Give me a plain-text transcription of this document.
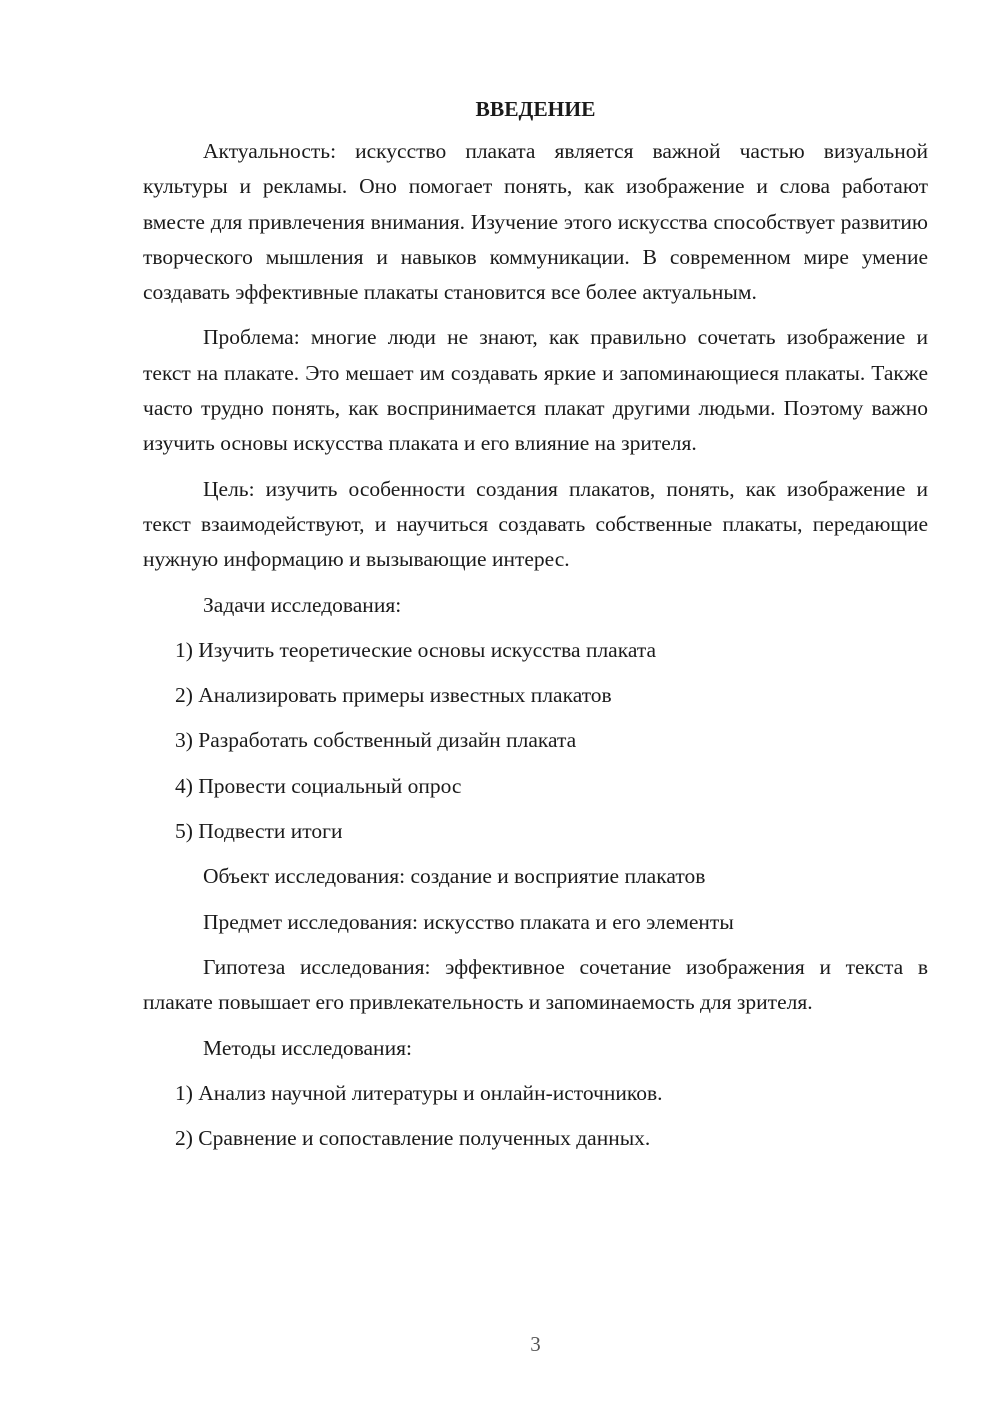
ВВЕДЕНИЕ

Актуальность: искусство плаката является важной частью визуальной культуры и рекламы. Оно помогает понять, как изображение и слова работают вместе для привлечения внимания. Изучение этого искусства способствует развитию творческого мышления и навыков коммуникации. В современном мире умение создавать эффективные плакаты становится все более актуальным.

Проблема: многие люди не знают, как правильно сочетать изображение и текст на плакате. Это мешает им создавать яркие и запоминающиеся плакаты. Также часто трудно понять, как воспринимается плакат другими людьми. Поэтому важно изучить основы искусства плаката и его влияние на зрителя.

Цель: изучить особенности создания плакатов, понять, как изображение и текст взаимодействуют, и научиться создавать собственные плакаты, передающие нужную информацию и вызывающие интерес.

Задачи исследования:
1) Изучить теоретические основы искусства плаката
2) Анализировать примеры известных плакатов
3) Разработать собственный дизайн плаката
4) Провести социальный опрос
5) Подвести итоги
Объект исследования: создание и восприятие плакатов
Предмет исследования: искусство плаката и его элементы

Гипотеза исследования: эффективное сочетание изображения и текста в плакате повышает его привлекательность и запоминаемость для зрителя.

Методы исследования:
1) Анализ научной литературы и онлайн-источников.
2) Сравнение и сопоставление полученных данных.
3
